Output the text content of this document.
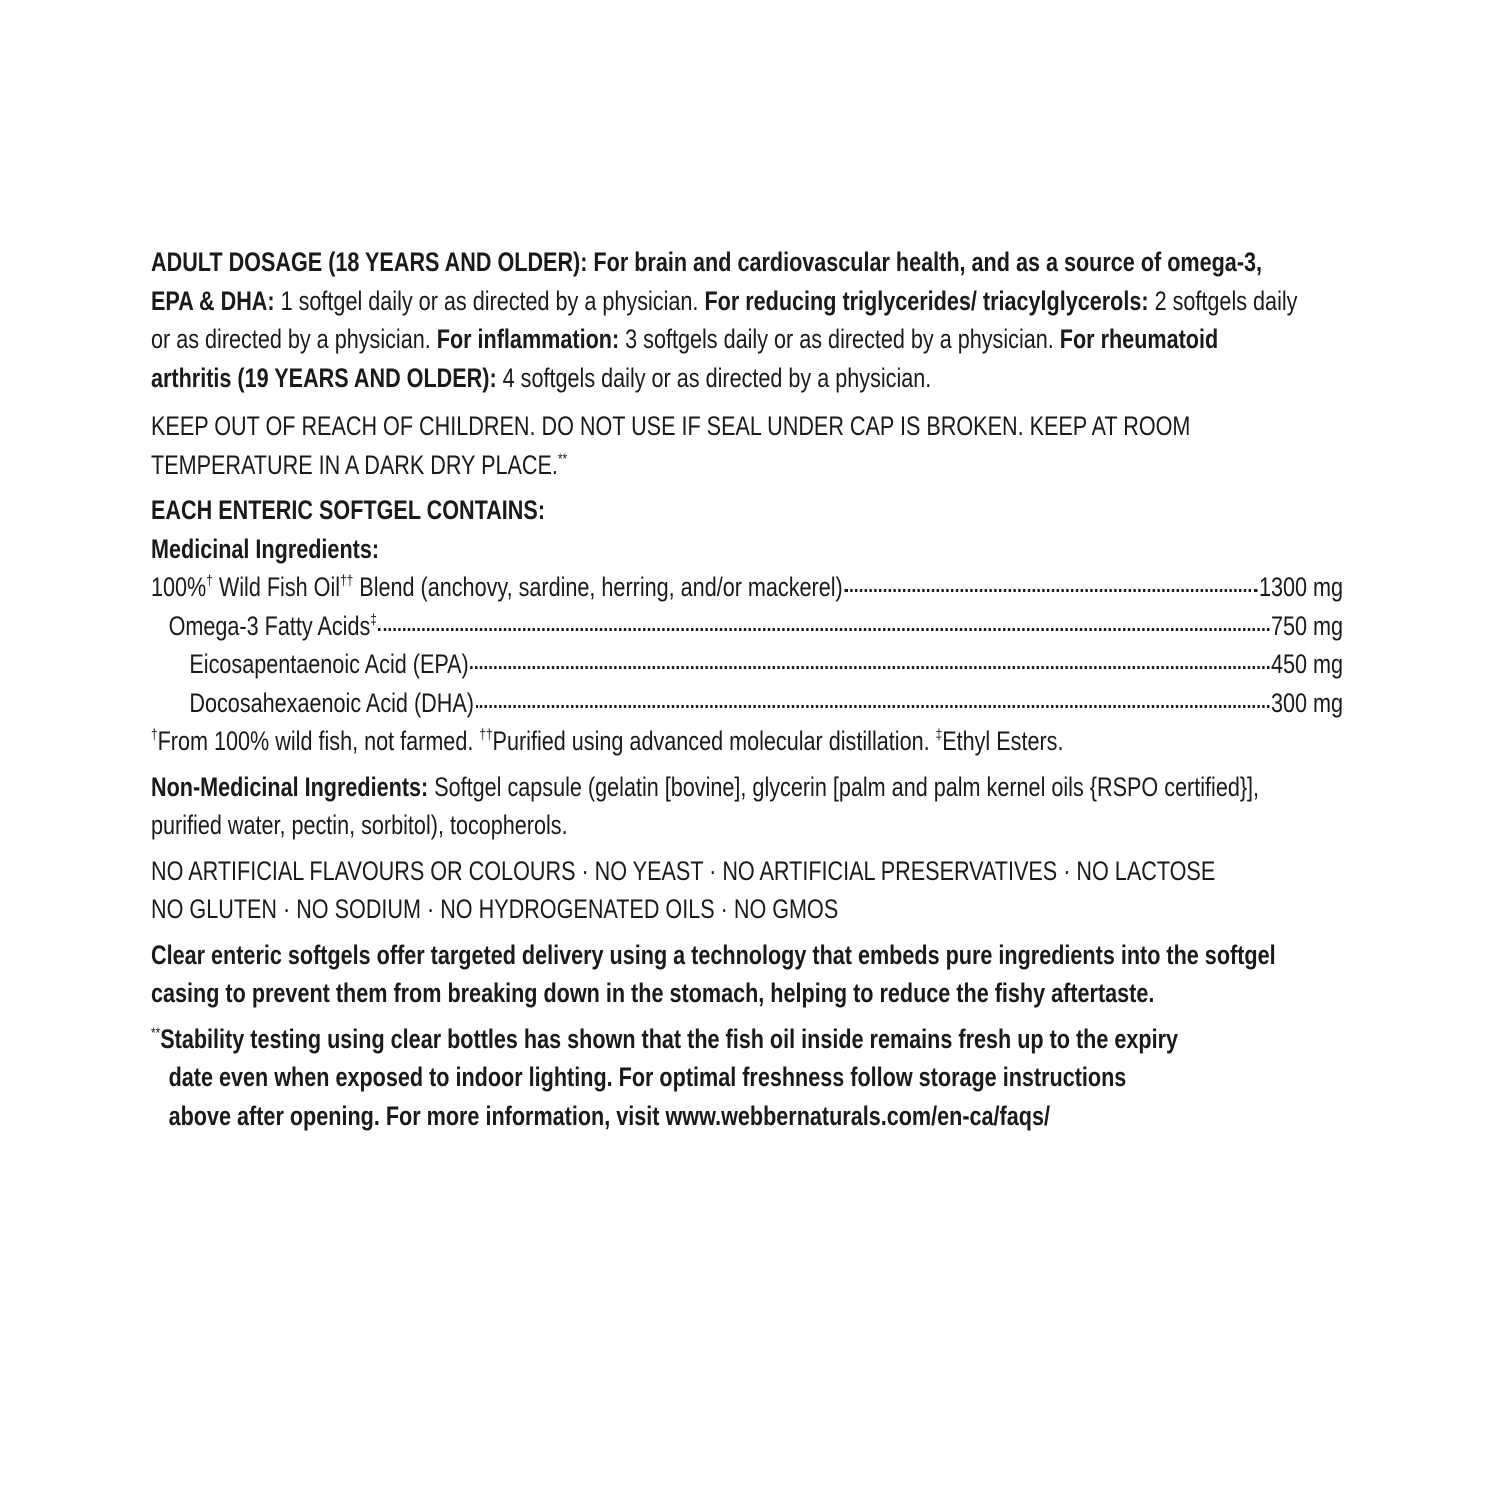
ADULT DOSAGE (18 YEARS AND OLDER): For brain and cardiovascular health, and as a source of omega-3, EPA & DHA: 1 softgel daily or as directed by a physician. For reducing triglycerides/ triacylglycerols: 2 softgels daily or as directed by a physician. For inflammation: 3 softgels daily or as directed by a physician. For rheumatoid arthritis (19 YEARS AND OLDER): 4 softgels daily or as directed by a physician.

KEEP OUT OF REACH OF CHILDREN. DO NOT USE IF SEAL UNDER CAP IS BROKEN. KEEP AT ROOM TEMPERATURE IN A DARK DRY PLACE.**

EACH ENTERIC SOFTGEL CONTAINS:

Medicinal Ingredients:

100%† Wild Fish Oil†† Blend (anchovy, sardine, herring, and/or mackerel)	1300 mg
Omega-3 Fatty Acids‡	750 mg
Eicosapentaenoic Acid (EPA)	450 mg
Docosahexaenoic Acid (DHA)	300 mg

†From 100% wild fish, not farmed. ††Purified using advanced molecular distillation. ‡Ethyl Esters.

Non-Medicinal Ingredients: Softgel capsule (gelatin [bovine], glycerin [palm and palm kernel oils {RSPO certified}], purified water, pectin, sorbitol), tocopherols.

NO ARTIFICIAL FLAVOURS OR COLOURS · NO YEAST · NO ARTIFICIAL PRESERVATIVES · NO LACTOSE

NO GLUTEN · NO SODIUM · NO HYDROGENATED OILS · NO GMOS

Clear enteric softgels offer targeted delivery using a technology that embeds pure ingredients into the softgel casing to prevent them from breaking down in the stomach, helping to reduce the fishy aftertaste.

**Stability testing using clear bottles has shown that the fish oil inside remains fresh up to the expiry date even when exposed to indoor lighting. For optimal freshness follow storage instructions above after opening. For more information, visit www.webbernaturals.com/en-ca/faqs/
